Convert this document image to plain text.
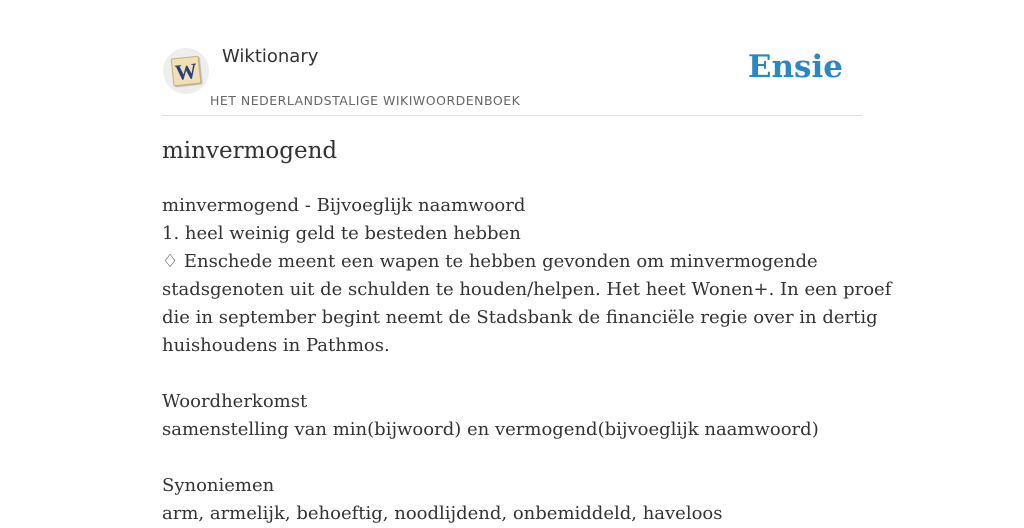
W
Wiktionary
HET NEDERLANDSTALIGE WIKIWOORDENBOEK
Ensie
minvermogend
minvermogend - Bijvoeglijk naamwoord
1. heel weinig geld te besteden hebben
♢ Enschede meent een wapen te hebben gevonden om minvermogende
stadsgenoten uit de schulden te houden/helpen. Het heet Wonen+. In een proef
die in september begint neemt de Stadsbank de financiële regie over in dertig
huishoudens in Pathmos.
Woordherkomst
samenstelling van min(bijwoord) en vermogend(bijvoeglijk naamwoord)
Synoniemen
arm, armelijk, behoeftig, noodlijdend, onbemiddeld, haveloos
